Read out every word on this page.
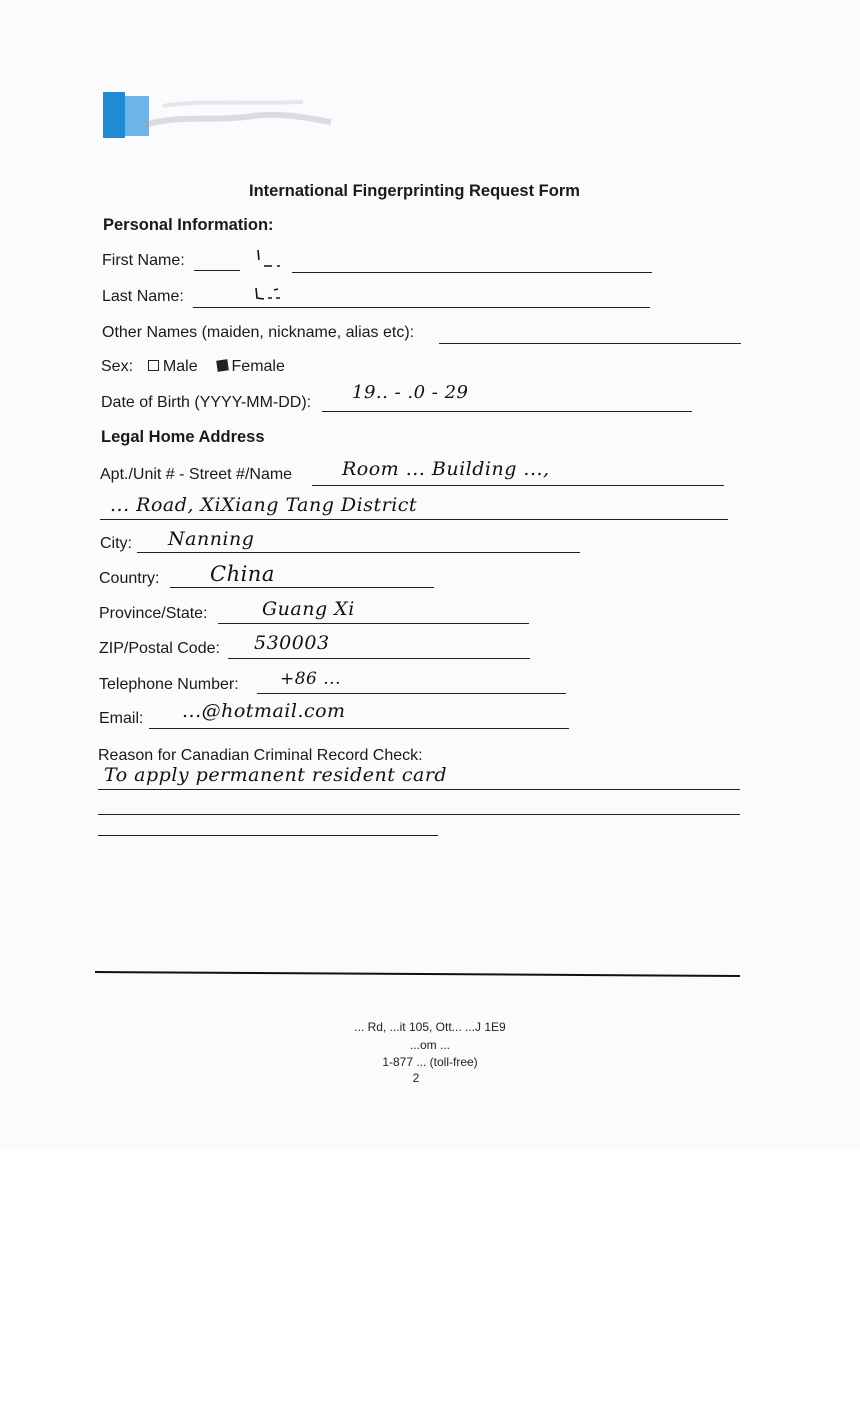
International Fingerprinting Request Form
Personal Information:
First Name:
Last Name:
Other Names (maiden, nickname, alias etc):
Sex: Male Female
Date of Birth (YYYY-MM-DD): 19.. - .0 - 29
Legal Home Address
Apt./Unit # - Street #/Name	Room ... Building ...,
... Road, XiXiang Tang District
City: Nanning
Country: China
Province/State:	Guang Xi
ZIP/Postal Code: 530003
Telephone Number: +86 ...
Email: ...@hotmail.com
Reason for Canadian Criminal Record Check:
To apply permanent resident card
... Rd, ...it 105, Ott... ...J 1E9
...om ...
1-877 ... (toll-free)
2
